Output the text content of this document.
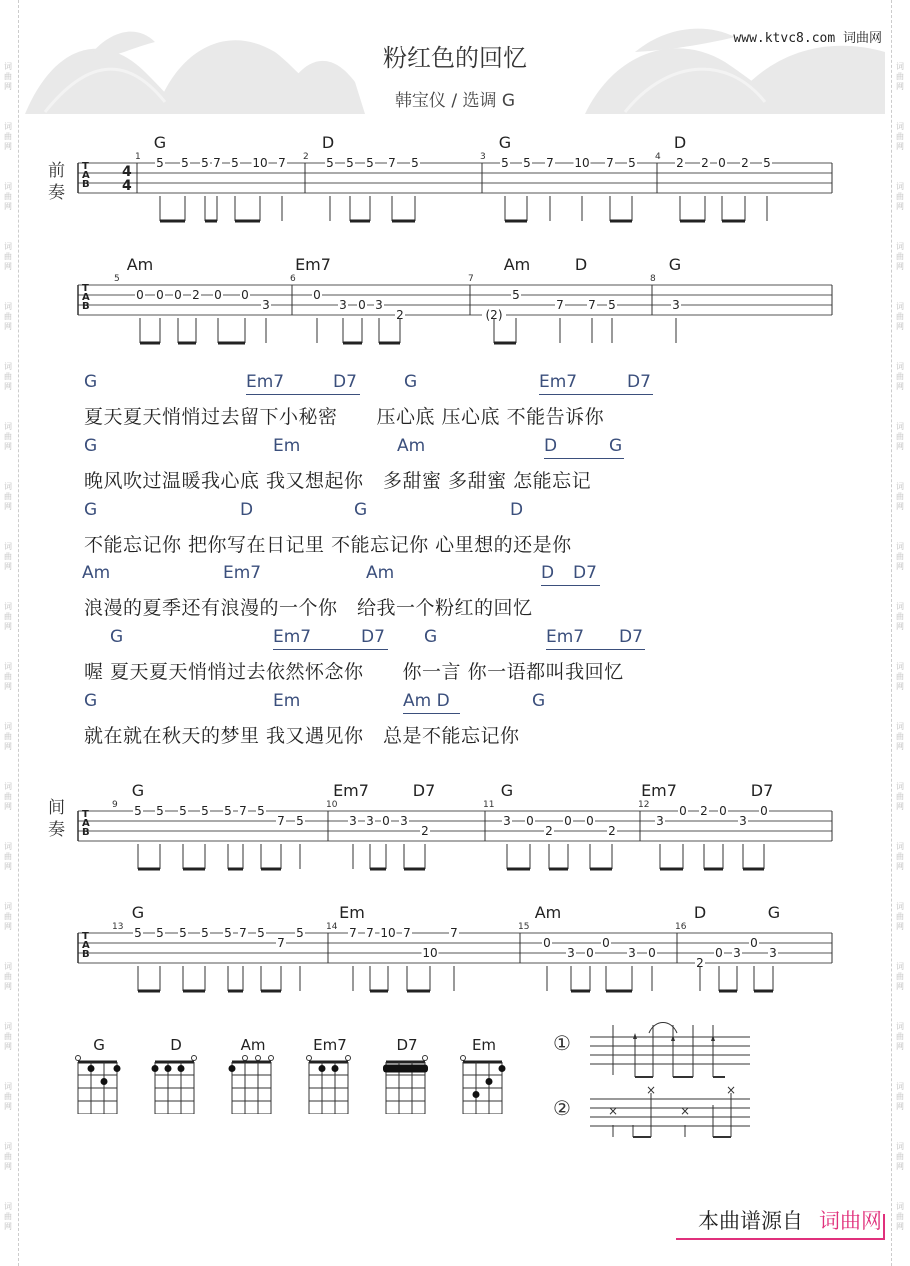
词
曲
网
词
曲
网
词
曲
网
词
曲
网
词
曲
网
词
曲
网
词
曲
网
词
曲
网
词
曲
网
词
曲
网
词
曲
网
词
曲
网
词
曲
网
词
曲
网
词
曲
网
词
曲
网
词
曲
网
词
曲
网
词
曲
网
词
曲
网
词
曲
网
词
曲
网
词
曲
网
词
曲
网
词
曲
网
词
曲
网
词
曲
网
词
曲
网
词
曲
网
词
曲
网
词
曲
网
词
曲
网
词
曲
网
词
曲
网
词
曲
网
词
曲
网
词
曲
网
词
曲
网
词
曲
网
词
曲
网
www.ktvc8.com 词曲网
粉红色的回忆
韩宝仪 / 选调 G
前奏
间奏
T
A
B
4
4
1	2	3	4
G	D	G	D
5 5 5 7 5 10 7	5 5 5 7 5	5 5 7 10 7 5	2 2 0 2 5
T
A
B
5	6	7	8
Am	Em7	Am	D	G
0 0 0 2 0 0
3
0
3 0 3
2	(2)
5
7 7 5	3
T
A
B
9	10	11	12
G	Em7	D7	G	Em7	D7
5 5 5 5 5 7 5
7 5	3 3 0 3
2
3 0
2
0 0
2
3
0 2 0
3
0
T
A
B
13	14	15	16
G	Em	Am	D	G
5 5 5 5 5 7 5
7
5	7 7 10 7
10
7
0
3 0
0
3 0
2
0 3
0
3
G	Em7	D7	G	Em7	D7
夏天夏天悄悄过去留下小秘密　　压心底 压心底 不能告诉你
G	Em	Am	D	G
晚风吹过温暖我心底 我又想起你　多甜蜜 多甜蜜 怎能忘记
G	D	G	D
不能忘记你 把你写在日记里 不能忘记你 心里想的还是你
Am	Em7	Am	D D7
浪漫的夏季还有浪漫的一个你　给我一个粉红的回忆
G	Em7	D7 G	Em7 D7
喔 夏天夏天悄悄过去依然怀念你　　你一言 你一语都叫我回忆
G	Em	Am D	G
就在就在秋天的梦里 我又遇见你　总是不能忘记你
G	D	Am	Em7	D7	Em	①
②	×
×
×
×
本曲谱源自 词曲网
